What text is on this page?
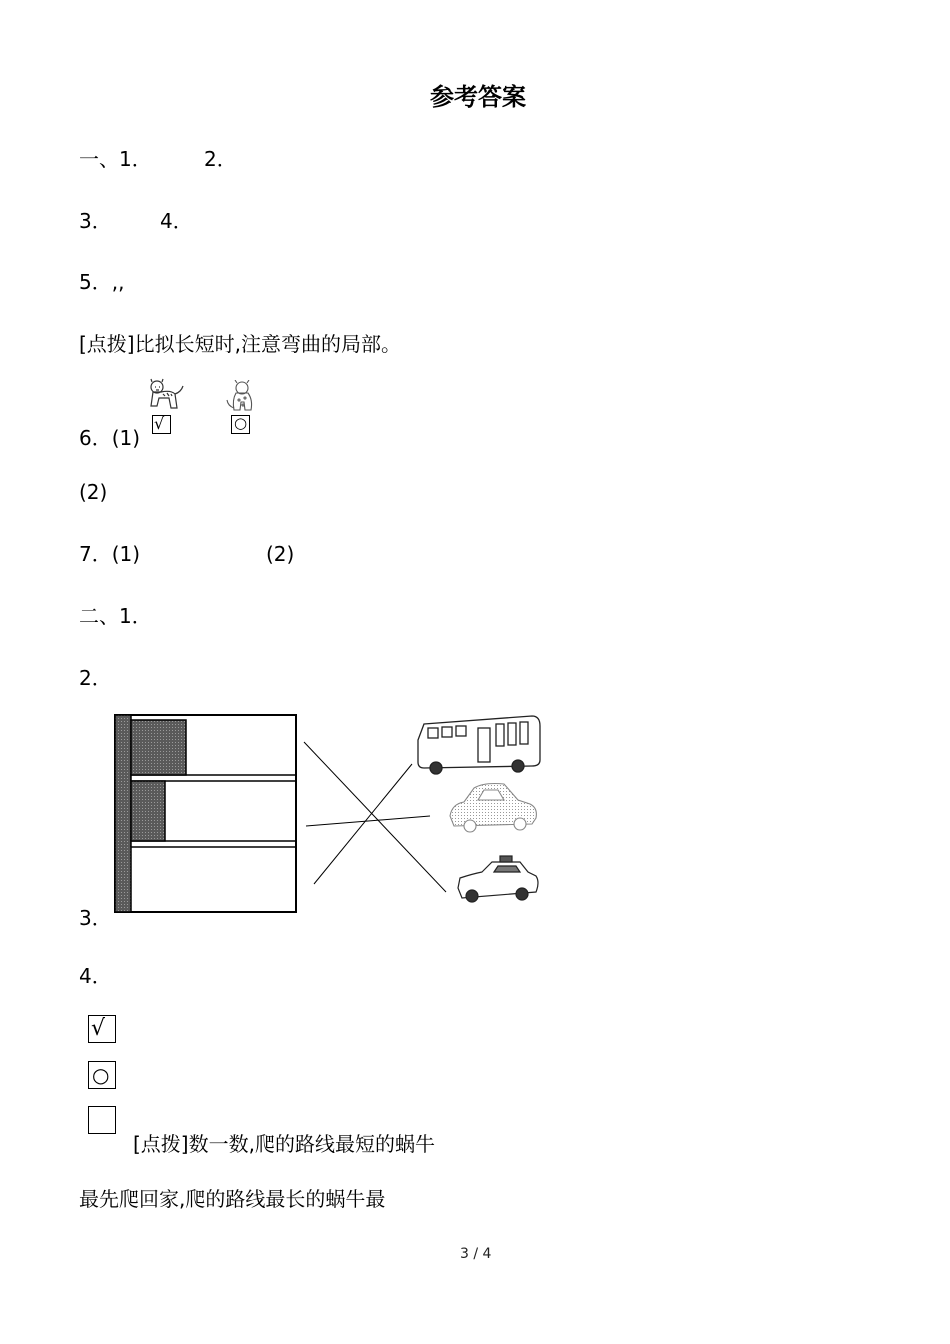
参考答案
一、1．	2．
3． 4．
5．,,
[点拨]比拟长短时,注意弯曲的局部。
√	○
6．(1)
(2)
7．(1)	(2)
二、1．
2．
3．
4．
√
○
[点拨]数一数,爬的路线最短的蜗牛
最先爬回家,爬的路线最长的蜗牛最
3 / 4
